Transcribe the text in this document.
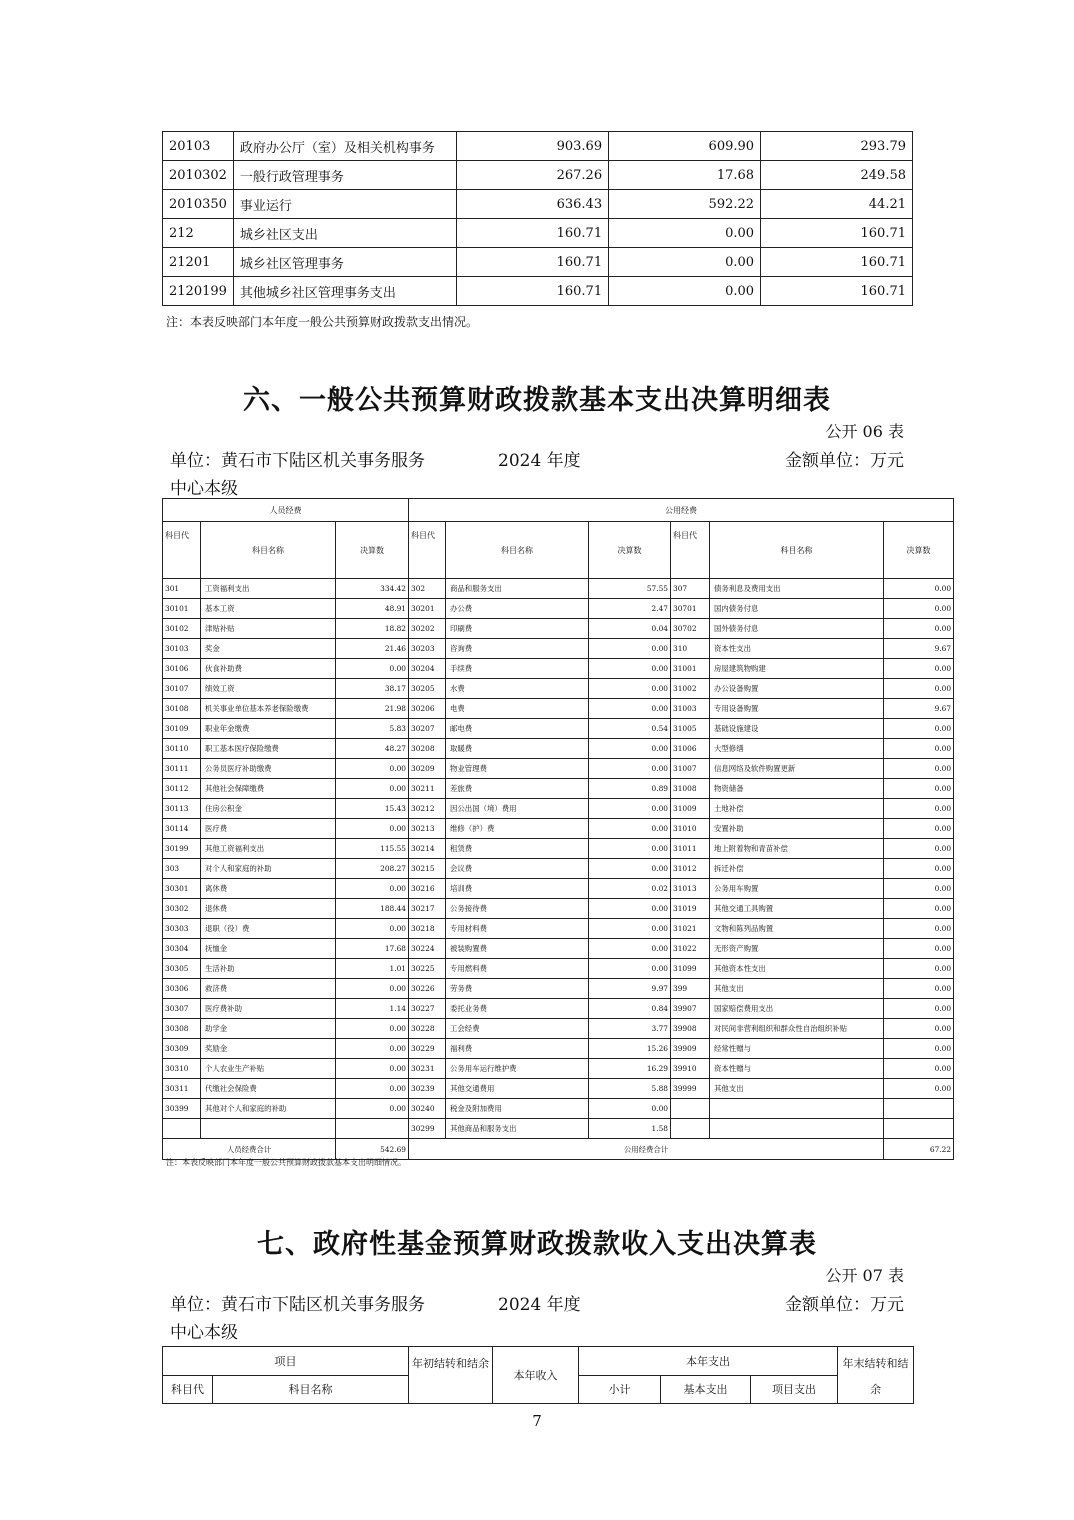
20103	政府办公厅（室）及相关机构事务	903.69	609.90	293.79
2010302	一般行政管理事务	267.26	17.68	249.58
2010350	事业运行	636.43	592.22	44.21
212	城乡社区支出	160.71	0.00	160.71
21201	城乡社区管理事务	160.71	0.00	160.71
2120199	其他城乡社区管理事务支出	160.71	0.00	160.71
注：本表反映部门本年度一般公共预算财政拨款支出情况。
六、一般公共预算财政拨款基本支出决算明细表
公开 06 表
单位：黄石市下陆区机关事务服务	2024 年度	金额单位：万元
中心本级
人员经费			公用经费					
科目代	科目名称	决算数	科目代	科目名称	决算数	科目代	科目名称	决算数
301	工资福利支出	334.42	302	商品和服务支出	57.55	307	债务利息及费用支出	0.00
30101	基本工资	48.91	30201	办公费	2.47	30701	国内债务付息	0.00
30102	津贴补贴	18.82	30202	印刷费	0.04	30702	国外债务付息	0.00
30103	奖金	21.46	30203	咨询费	0.00	310	资本性支出	9.67
30106	伙食补助费	0.00	30204	手续费	0.00	31001	房屋建筑物购建	0.00
30107	绩效工资	38.17	30205	水费	0.00	31002	办公设备购置	0.00
30108	机关事业单位基本养老保险缴费	21.98	30206	电费	0.00	31003	专用设备购置	9.67
30109	职业年金缴费	5.83	30207	邮电费	0.54	31005	基础设施建设	0.00
30110	职工基本医疗保险缴费	48.27	30208	取暖费	0.00	31006	大型修缮	0.00
30111	公务员医疗补助缴费	0.00	30209	物业管理费	0.00	31007	信息网络及软件购置更新	0.00
30112	其他社会保障缴费	0.00	30211	差旅费	0.89	31008	物资储备	0.00
30113	住房公积金	15.43	30212	因公出国（境）费用	0.00	31009	土地补偿	0.00
30114	医疗费	0.00	30213	维修（护）费	0.00	31010	安置补助	0.00
30199	其他工资福利支出	115.55	30214	租赁费	0.00	31011	地上附着物和青苗补偿	0.00
303	对个人和家庭的补助	208.27	30215	会议费	0.00	31012	拆迁补偿	0.00
30301	离休费	0.00	30216	培训费	0.02	31013	公务用车购置	0.00
30302	退休费	188.44	30217	公务接待费	0.00	31019	其他交通工具购置	0.00
30303	退职（役）费	0.00	30218	专用材料费	0.00	31021	文物和陈列品购置	0.00
30304	抚恤金	17.68	30224	被装购置费	0.00	31022	无形资产购置	0.00
30305	生活补助	1.01	30225	专用燃料费	0.00	31099	其他资本性支出	0.00
30306	救济费	0.00	30226	劳务费	9.97	399	其他支出	0.00
30307	医疗费补助	1.14	30227	委托业务费	0.84	39907	国家赔偿费用支出	0.00
30308	助学金	0.00	30228	工会经费	3.77	39908	对民间非营利组织和群众性自治组织补贴	0.00
30309	奖励金	0.00	30229	福利费	15.26	39909	经常性赠与	0.00
30310	个人农业生产补贴	0.00	30231	公务用车运行维护费	16.29	39910	资本性赠与	0.00
30311	代缴社会保险费	0.00	30239	其他交通费用	5.88	39999	其他支出	0.00
30399	其他对个人和家庭的补助	0.00	30240	税金及附加费用	0.00			
			30299	其他商品和服务支出	1.58			
人员经费合计		542.69	公用经费合计					67.22
注：本表反映部门本年度一般公共预算财政拨款基本支出明细情况。
七、政府性基金预算财政拨款收入支出决算表
公开 07 表
单位：黄石市下陆区机关事务服务	2024 年度	金额单位：万元
中心本级
项目		年初结转和结余	本年收入	本年支出			年末结转和结余
科目代	科目名称			小计	基本支出	项目支出	
7
